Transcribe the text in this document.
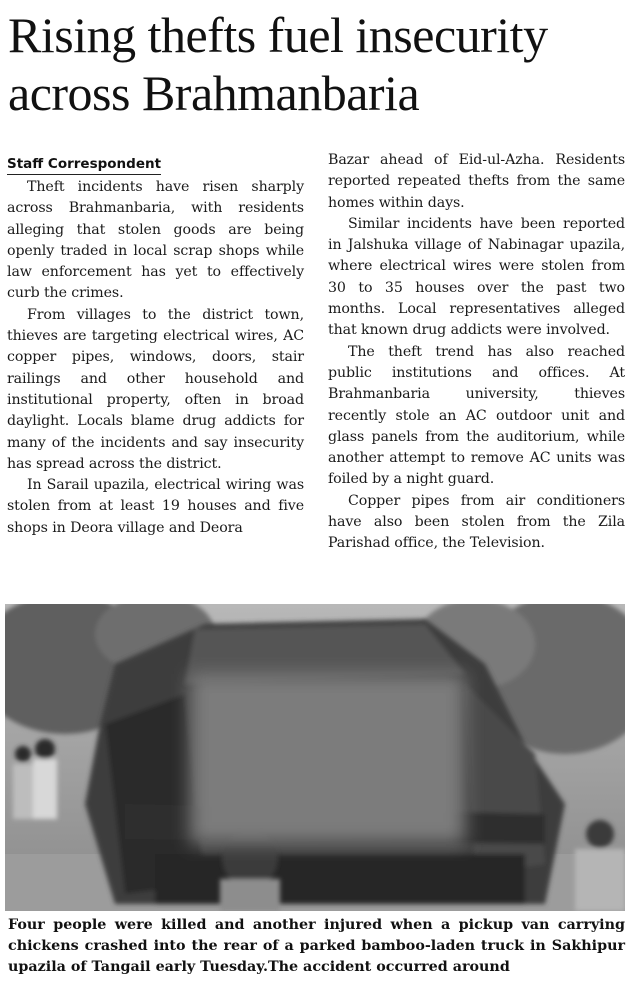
Rising thefts fuel insecurity across Brahmanbaria
Staff Correspondent

Theft incidents have risen sharply across Brahmanbaria, with residents alleging that stolen goods are being openly traded in local scrap shops while law enforcement has yet to effectively curb the crimes.

From villages to the district town, thieves are targeting electrical wires, AC copper pipes, windows, doors, stair railings and other household and institutional property, often in broad daylight. Locals blame drug addicts for many of the incidents and say insecurity has spread across the district.

In Sarail upazila, electrical wiring was stolen from at least 19 houses and five shops in Deora village and Deora

Bazar ahead of Eid-ul-Azha. Residents reported repeated thefts from the same homes within days.

Similar incidents have been reported in Jalshuka village of Nabinagar upazila, where electrical wires were stolen from 30 to 35 houses over the past two months. Local representatives alleged that known drug addicts were involved.

The theft trend has also reached public institutions and offices. At Brahmanbaria university, thieves recently stole an AC outdoor unit and glass panels from the auditorium, while another attempt to remove AC units was foiled by a night guard.

Copper pipes from air conditioners have also been stolen from the Zila Parishad office, the Television.

Four people were killed and another injured when a pickup van carrying chickens crashed into the rear of a parked bamboo-laden truck in Sakhipur upazila of Tangail early Tuesday.The accident occurred around
